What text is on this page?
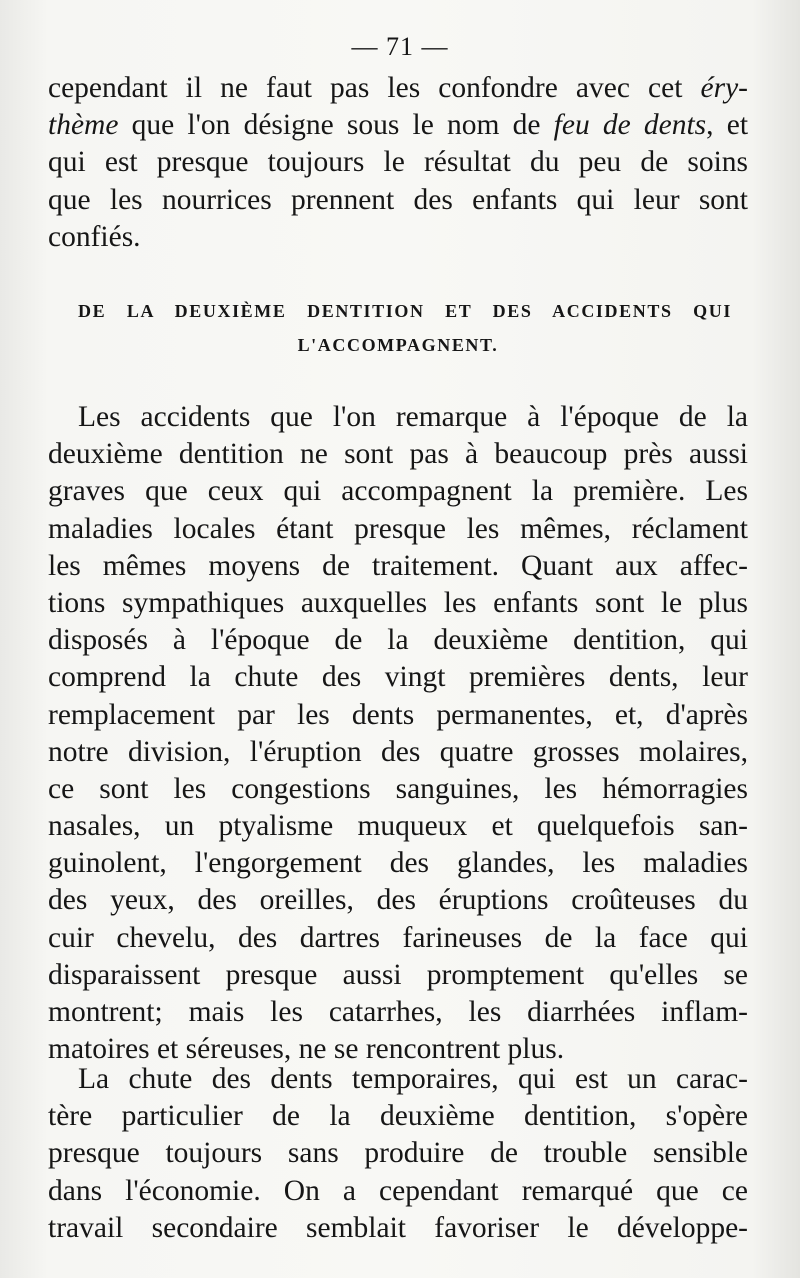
— 71 —
cependant il ne faut pas les confondre avec cet éry-
thème que l'on désigne sous le nom de feu de dents, et
qui est presque toujours le résultat du peu de soins
que les nourrices prennent des enfants qui leur sont
confiés.
DE LA DEUXIÈME DENTITION ET DES ACCIDENTS QUI
L'ACCOMPAGNENT.
Les accidents que l'on remarque à l'époque de la
deuxième dentition ne sont pas à beaucoup près aussi
graves que ceux qui accompagnent la première. Les
maladies locales étant presque les mêmes, réclament
les mêmes moyens de traitement. Quant aux affec-
tions sympathiques auxquelles les enfants sont le plus
disposés à l'époque de la deuxième dentition, qui
comprend la chute des vingt premières dents, leur
remplacement par les dents permanentes, et, d'après
notre division, l'éruption des quatre grosses molaires,
ce sont les congestions sanguines, les hémorragies
nasales, un ptyalisme muqueux et quelquefois san-
guinolent, l'engorgement des glandes, les maladies
des yeux, des oreilles, des éruptions croûteuses du
cuir chevelu, des dartres farineuses de la face qui
disparaissent presque aussi promptement qu'elles se
montrent; mais les catarrhes, les diarrhées inflam-
matoires et séreuses, ne se rencontrent plus.
La chute des dents temporaires, qui est un carac-
tère particulier de la deuxième dentition, s'opère
presque toujours sans produire de trouble sensible
dans l'économie. On a cependant remarqué que ce
travail secondaire semblait favoriser le développe-
